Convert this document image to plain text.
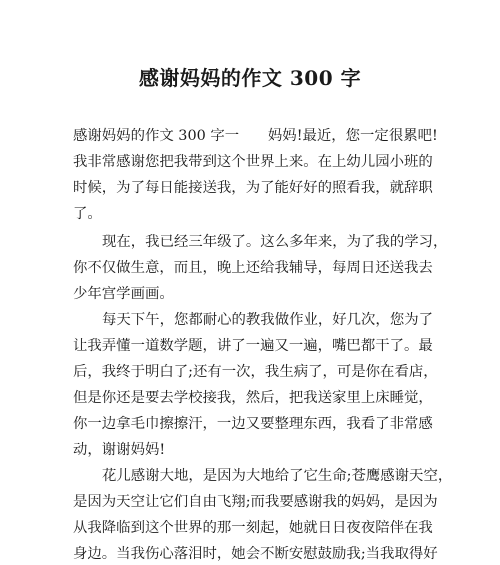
感谢妈妈的作文 300 字

感谢妈妈的作文 300 字一　　妈妈!最近，您一定很累吧!

我非常感谢您把我带到这个世界上来。在上幼儿园小班的

时候，为了每日能接送我，为了能好好的照看我，就辞职

了。

现在，我已经三年级了。这么多年来，为了我的学习，

你不仅做生意，而且，晚上还给我辅导，每周日还送我去

少年宫学画画。

每天下午，您都耐心的教我做作业，好几次，您为了

让我弄懂一道数学题，讲了一遍又一遍，嘴巴都干了。最

后，我终于明白了;还有一次，我生病了，可是你在看店，

但是你还是要去学校接我，然后，把我送家里上床睡觉，

你一边拿毛巾擦擦汗，一边又要整理东西，我看了非常感

动，谢谢妈妈!

花儿感谢大地，是因为大地给了它生命;苍鹰感谢天空，

是因为天空让它们自由飞翔;而我要感谢我的妈妈，是因为

从我降临到这个世界的那一刻起，她就日日夜夜陪伴在我

身边。当我伤心落泪时，她会不断安慰鼓励我;当我取得好
